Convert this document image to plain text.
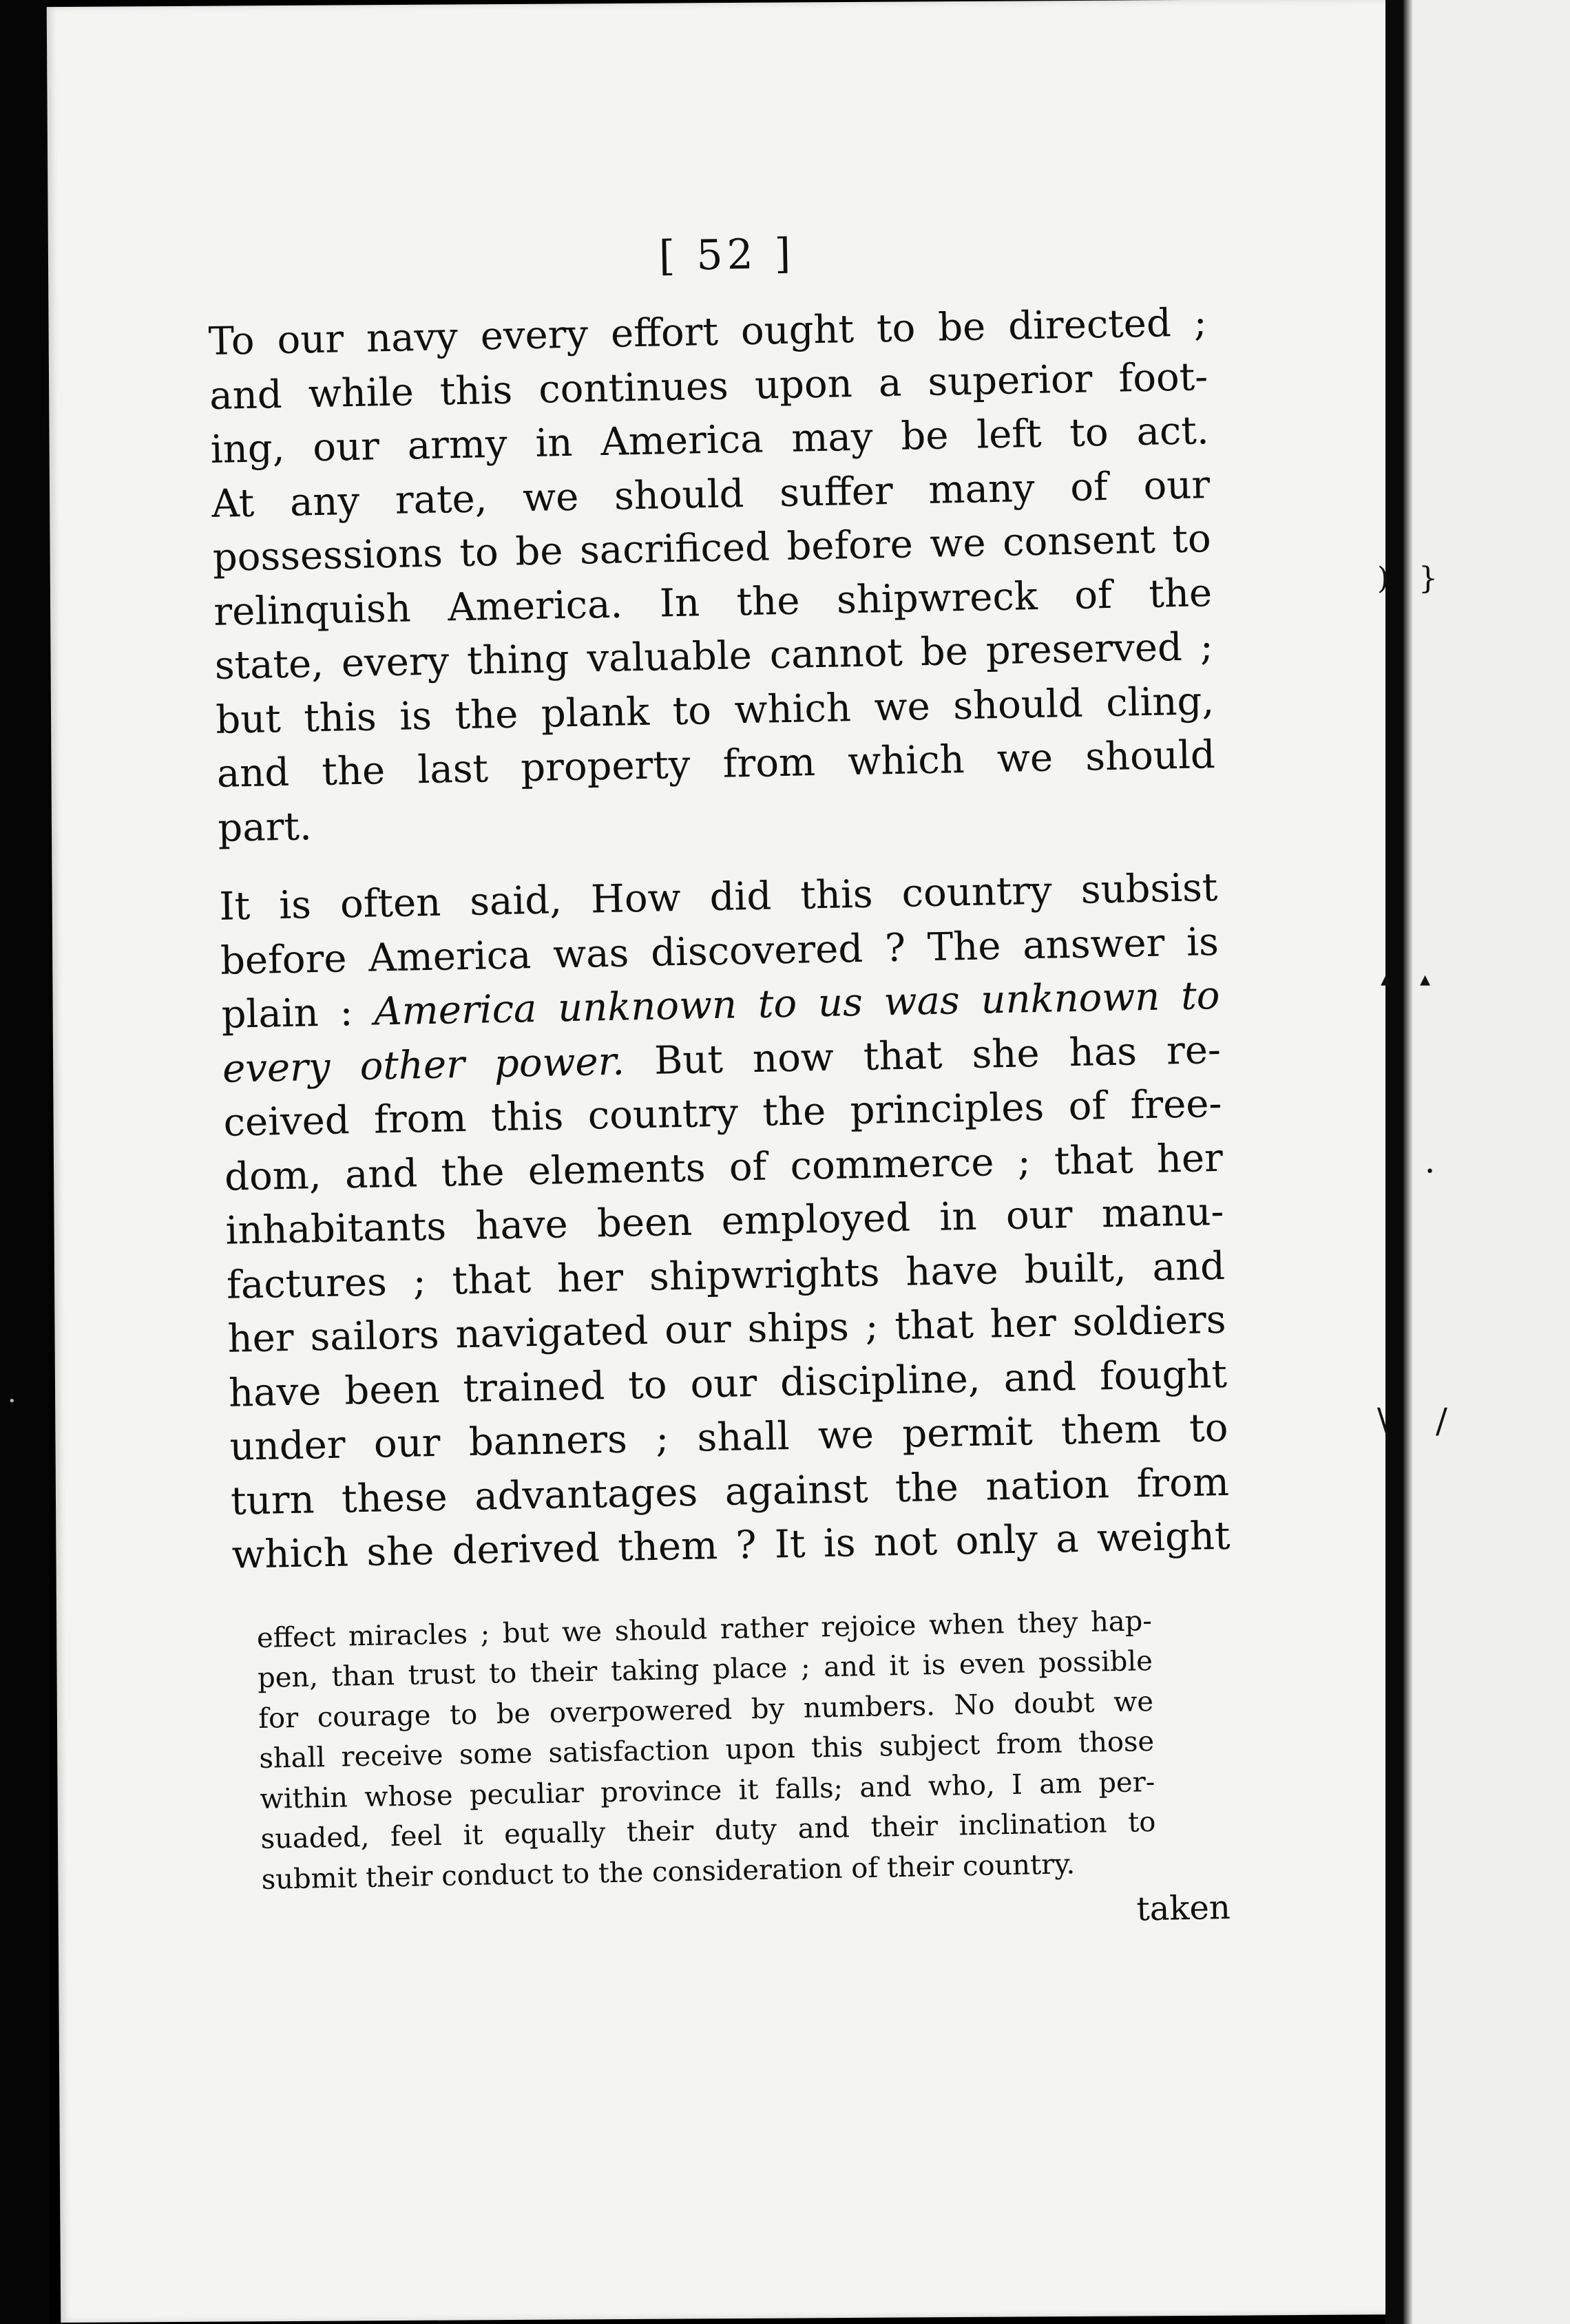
) }
▴ ▴
•
\ /
•
[ 52 ]

To our navy every effort ought to be directed ;

and while this continues upon a superior foot-

ing, our army in America may be left to act.

At any rate, we should suffer many of our

possessions to be sacrificed before we consent to

relinquish America. In the shipwreck of the

state, every thing valuable cannot be preserved ;

but this is the plank to which we should cling,

and the last property from which we should

part.

It is often said, How did this country subsist

before America was discovered ? The answer is

plain : America unknown to us was unknown to

every other power. But now that she has re-

ceived from this country the principles of free-

dom, and the elements of commerce ; that her

inhabitants have been employed in our manu-

factures ; that her shipwrights have built, and

her sailors navigated our ships ; that her soldiers

have been trained to our discipline, and fought

under our banners ; shall we permit them to

turn these advantages against the nation from

which she derived them ? It is not only a weight

effect miracles ; but we should rather rejoice when they hap-

pen, than trust to their taking place ; and it is even possible

for courage to be overpowered by numbers. No doubt we

shall receive some satisfaction upon this subject from those

within whose peculiar province it falls; and who, I am per-

suaded, feel it equally their duty and their inclination to

submit their conduct to the consideration of their country.

taken
